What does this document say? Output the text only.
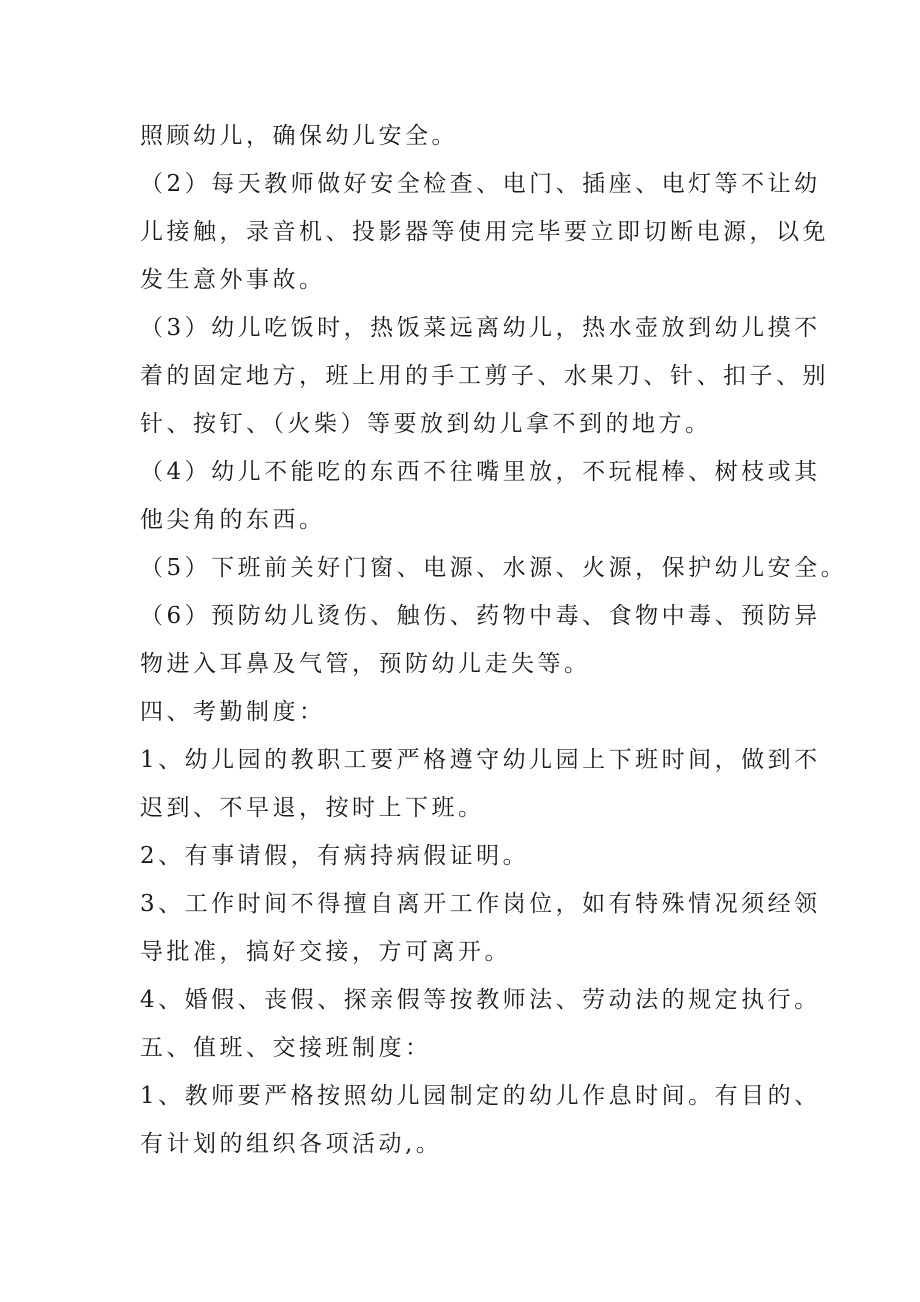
照顾幼儿，确保幼儿安全。
（2）每天教师做好安全检查、电门、插座、电灯等不让幼
儿接触，录音机、投影器等使用完毕要立即切断电源，以免
发生意外事故。
（3）幼儿吃饭时，热饭菜远离幼儿，热水壶放到幼儿摸不
着的固定地方，班上用的手工剪子、水果刀、针、扣子、别
针、按钉、（火柴）等要放到幼儿拿不到的地方。
（4）幼儿不能吃的东西不往嘴里放，不玩棍棒、树枝或其
他尖角的东西。
（5）下班前关好门窗、电源、水源、火源，保护幼儿安全。
（6）预防幼儿烫伤、触伤、药物中毒、食物中毒、预防异
物进入耳鼻及气管，预防幼儿走失等。
四、考勤制度：
1、幼儿园的教职工要严格遵守幼儿园上下班时间，做到不
迟到、不早退，按时上下班。
2、有事请假，有病持病假证明。
3、工作时间不得擅自离开工作岗位，如有特殊情况须经领
导批准，搞好交接，方可离开。
4、婚假、丧假、探亲假等按教师法、劳动法的规定执行。
五、值班、交接班制度：
1、教师要严格按照幼儿园制定的幼儿作息时间。有目的、
有计划的组织各项活动,。
